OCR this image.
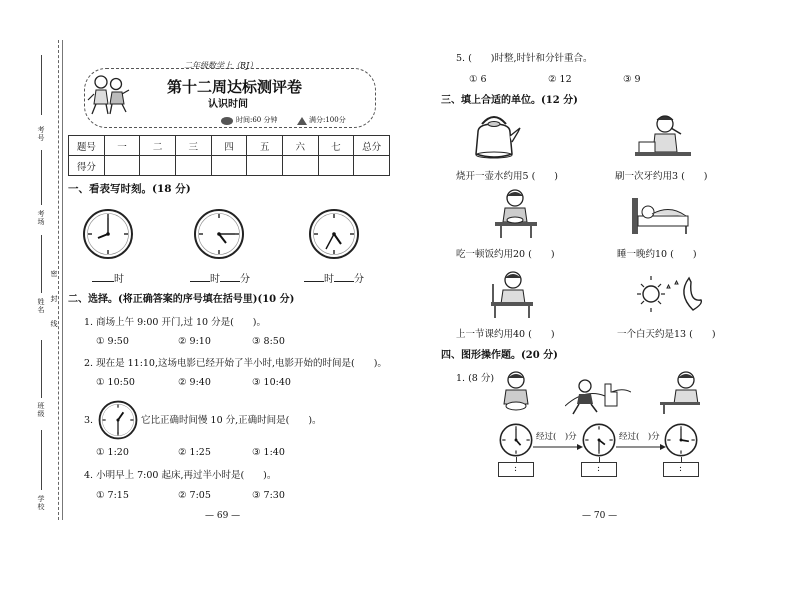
考号
考场
姓名
密
封
线
班级
学校
二年级数学上（RJ）
第十二周达标测评卷
认识时间
时间:60 分钟	满分:100分
题号	一	二	三	四	五	六	七	总分
得分								
一、看表写时刻。(18 分)
时	时 分	时 分
二、选择。(将正确答案的序号填在括号里)(10 分)
1. 商场上午 9:00 开门,过 10 分是(　　)。
① 9:50	② 9:10	③ 8:50
2. 现在是 11:10,这场电影已经开始了半小时,电影开始的时间是(　　)。
① 10:50	② 9:40	③ 10:40
3.	它比正确时间慢 10 分,正确时间是(　　)。
① 1:20	② 1:25	③ 1:40
4. 小明早上 7:00 起床,再过半小时是(　　)。
① 7:15	② 7:05	③ 7:30
— 69 —
5. (　　)时整,时针和分针重合。
① 6	② 12	③ 9
三、填上合适的单位。(12 分)
烧开一壶水约用5 (　　)	刷一次牙约用3 (　　)
吃一顿饭约用20 (　　)	睡一晚约10 (　　)
上一节课约用40 (　　)	一个白天约是13 (　　)
四、图形操作题。(20 分)
1. (8 分)
经过(　)分	经过(　)分
:	:	:
— 70 —
